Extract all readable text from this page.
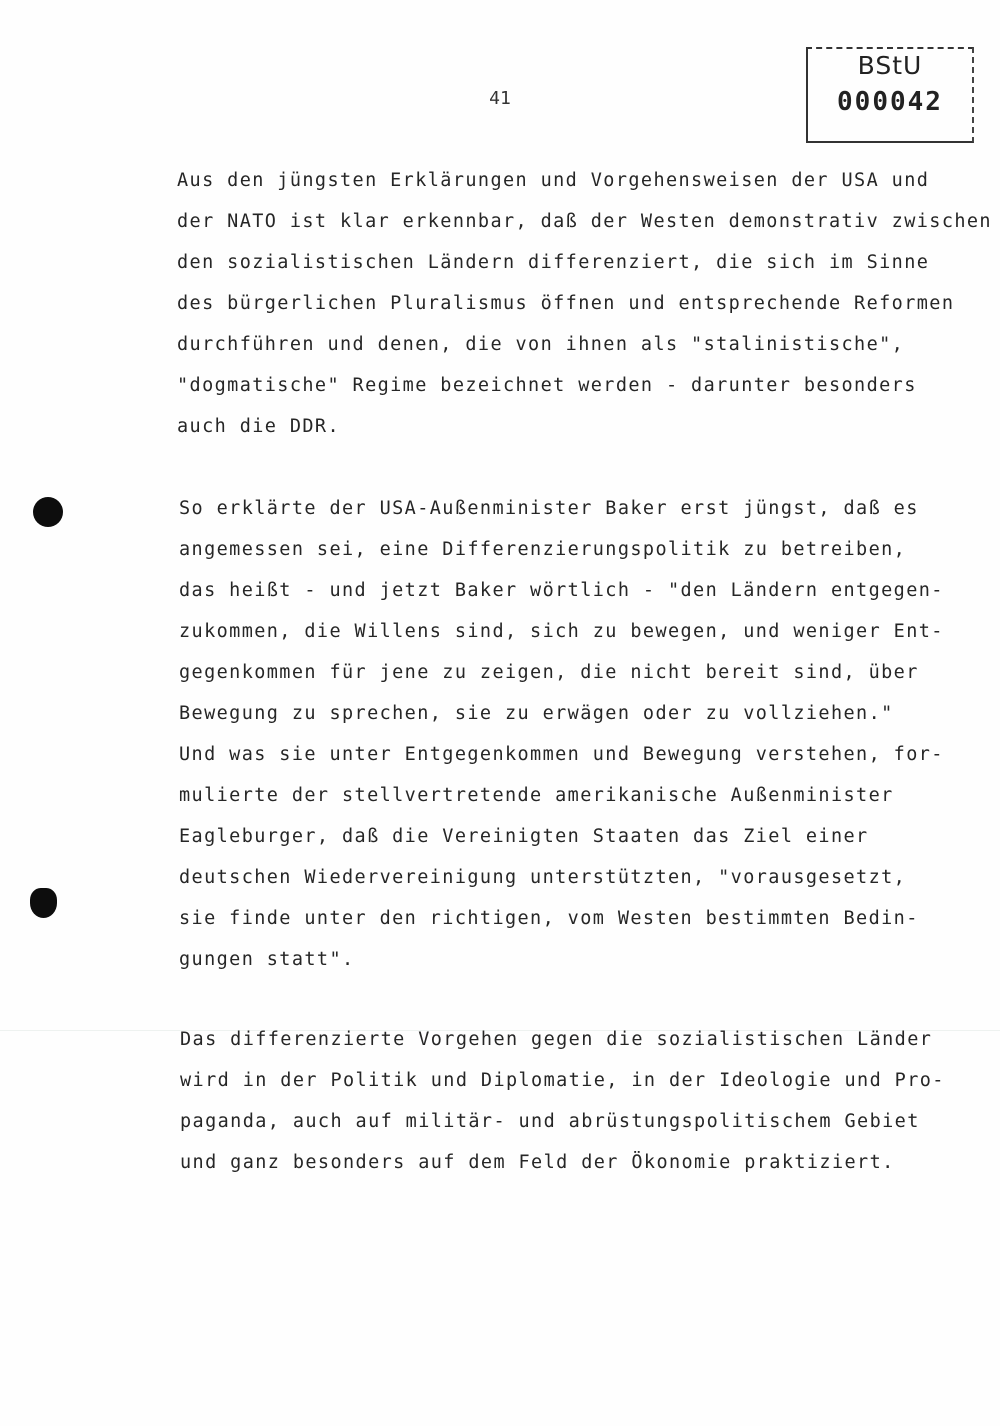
BStU
000042
41
Aus den jüngsten Erklärungen und Vorgehensweisen der USA und
der NATO ist klar erkennbar, daß der Westen demonstrativ zwischen
den sozialistischen Ländern differenziert, die sich im Sinne
des bürgerlichen Pluralismus öffnen und entsprechende Reformen
durchführen und denen, die von ihnen als "stalinistische",
"dogmatische" Regime bezeichnet werden - darunter besonders
auch die DDR.
So erklärte der USA-Außenminister Baker erst jüngst, daß es
angemessen sei, eine Differenzierungspolitik zu betreiben,
das heißt - und jetzt Baker wörtlich - "den Ländern entgegen-
zukommen, die Willens sind, sich zu bewegen, und weniger Ent-
gegenkommen für jene zu zeigen, die nicht bereit sind, über
Bewegung zu sprechen, sie zu erwägen oder zu vollziehen."
Und was sie unter Entgegenkommen und Bewegung verstehen, for-
mulierte der stellvertretende amerikanische Außenminister
Eagleburger, daß die Vereinigten Staaten das Ziel einer
deutschen Wiedervereinigung unterstützten, "vorausgesetzt,
sie finde unter den richtigen, vom Westen bestimmten Bedin-
gungen statt".
Das differenzierte Vorgehen gegen die sozialistischen Länder
wird in der Politik und Diplomatie, in der Ideologie und Pro-
paganda, auch auf militär- und abrüstungspolitischem Gebiet
und ganz besonders auf dem Feld der Ökonomie praktiziert.
